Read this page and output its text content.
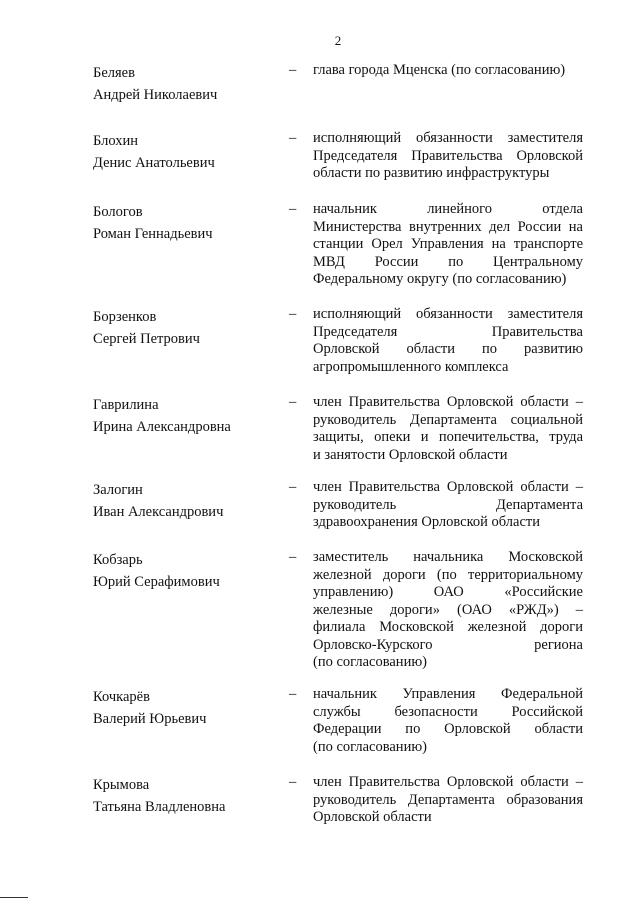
2
Беляев
Андрей Николаевич
– глава города Мценска (по согласованию)
Блохин
Денис Анатольевич
– исполняющий обязанности заместителя
Председателя Правительства Орловской
области по развитию инфраструктуры
Бологов
Роман Геннадьевич
– начальник линейного отдела
Министерства внутренних дел России на
станции Орел Управления на транспорте
МВД России по Центральному
Федеральному округу (по согласованию)
Борзенков
Сергей Петрович
– исполняющий обязанности заместителя
Председателя Правительства
Орловской области по развитию
агропромышленного комплекса
Гаврилина
Ирина Александровна
– член Правительства Орловской области –
руководитель Департамента социальной
защиты, опеки и попечительства, труда
и занятости Орловской области
Залогин
Иван Александрович
– член Правительства Орловской области –
руководитель Департамента
здравоохранения Орловской области
Кобзарь
Юрий Серафимович
– заместитель начальника Московской
железной дороги (по территориальному
управлению) ОАО «Российские
железные дороги» (ОАО «РЖД») –
филиала Московской железной дороги
Орловско-Курского региона
(по согласованию)
Кочкарёв
Валерий Юрьевич
– начальник Управления Федеральной
службы безопасности Российской
Федерации по Орловской области
(по согласованию)
Крымова
Татьяна Владленовна
– член Правительства Орловской области –
руководитель Департамента образования
Орловской области
